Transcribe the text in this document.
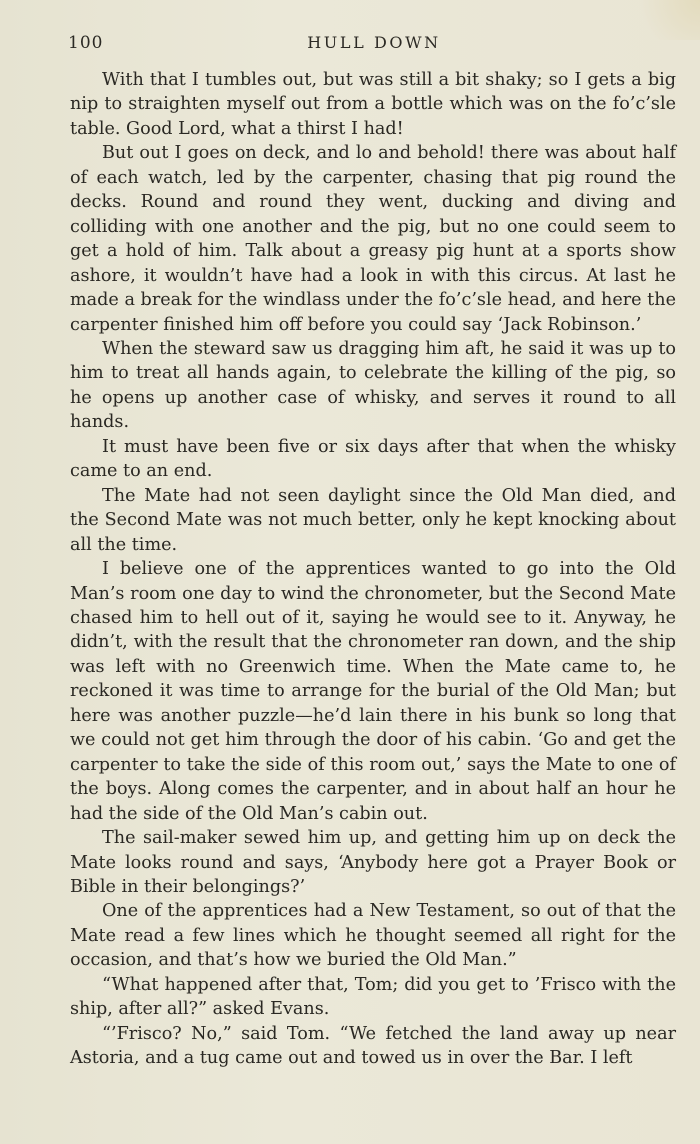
100	HULL DOWN

With that I tumbles out, but was still a bit shaky; so I gets a big nip to straighten myself out from a bottle which was on the fo’c’sle table. Good Lord, what a thirst I had!

But out I goes on deck, and lo and behold! there was about half of each watch, led by the carpenter, chasing that pig round the decks. Round and round they went, ducking and diving and colliding with one another and the pig, but no one could seem to get a hold of him. Talk about a greasy pig hunt at a sports show ashore, it wouldn’t have had a look in with this circus. At last he made a break for the windlass under the fo’c’sle head, and here the carpenter finished him off before you could say ‘Jack Robinson.’

When the steward saw us dragging him aft, he said it was up to him to treat all hands again, to celebrate the killing of the pig, so he opens up another case of whisky, and serves it round to all hands.

It must have been five or six days after that when the whisky came to an end.

The Mate had not seen daylight since the Old Man died, and the Second Mate was not much better, only he kept knocking about all the time.

I believe one of the apprentices wanted to go into the Old Man’s room one day to wind the chronometer, but the Second Mate chased him to hell out of it, saying he would see to it. Anyway, he didn’t, with the result that the chronometer ran down, and the ship was left with no Greenwich time. When the Mate came to, he reckoned it was time to arrange for the burial of the Old Man; but here was another puzzle—he’d lain there in his bunk so long that we could not get him through the door of his cabin. ‘Go and get the carpenter to take the side of this room out,’ says the Mate to one of the boys. Along comes the carpenter, and in about half an hour he had the side of the Old Man’s cabin out.

The sail-maker sewed him up, and getting him up on deck the Mate looks round and says, ‘Anybody here got a Prayer Book or Bible in their belongings?’

One of the apprentices had a New Testament, so out of that the Mate read a few lines which he thought seemed all right for the occasion, and that’s how we buried the Old Man.”

“What happened after that, Tom; did you get to ’Frisco with the ship, after all?” asked Evans.

“’Frisco? No,” said Tom. “We fetched the land away up near Astoria, and a tug came out and towed us in over the Bar. I left
